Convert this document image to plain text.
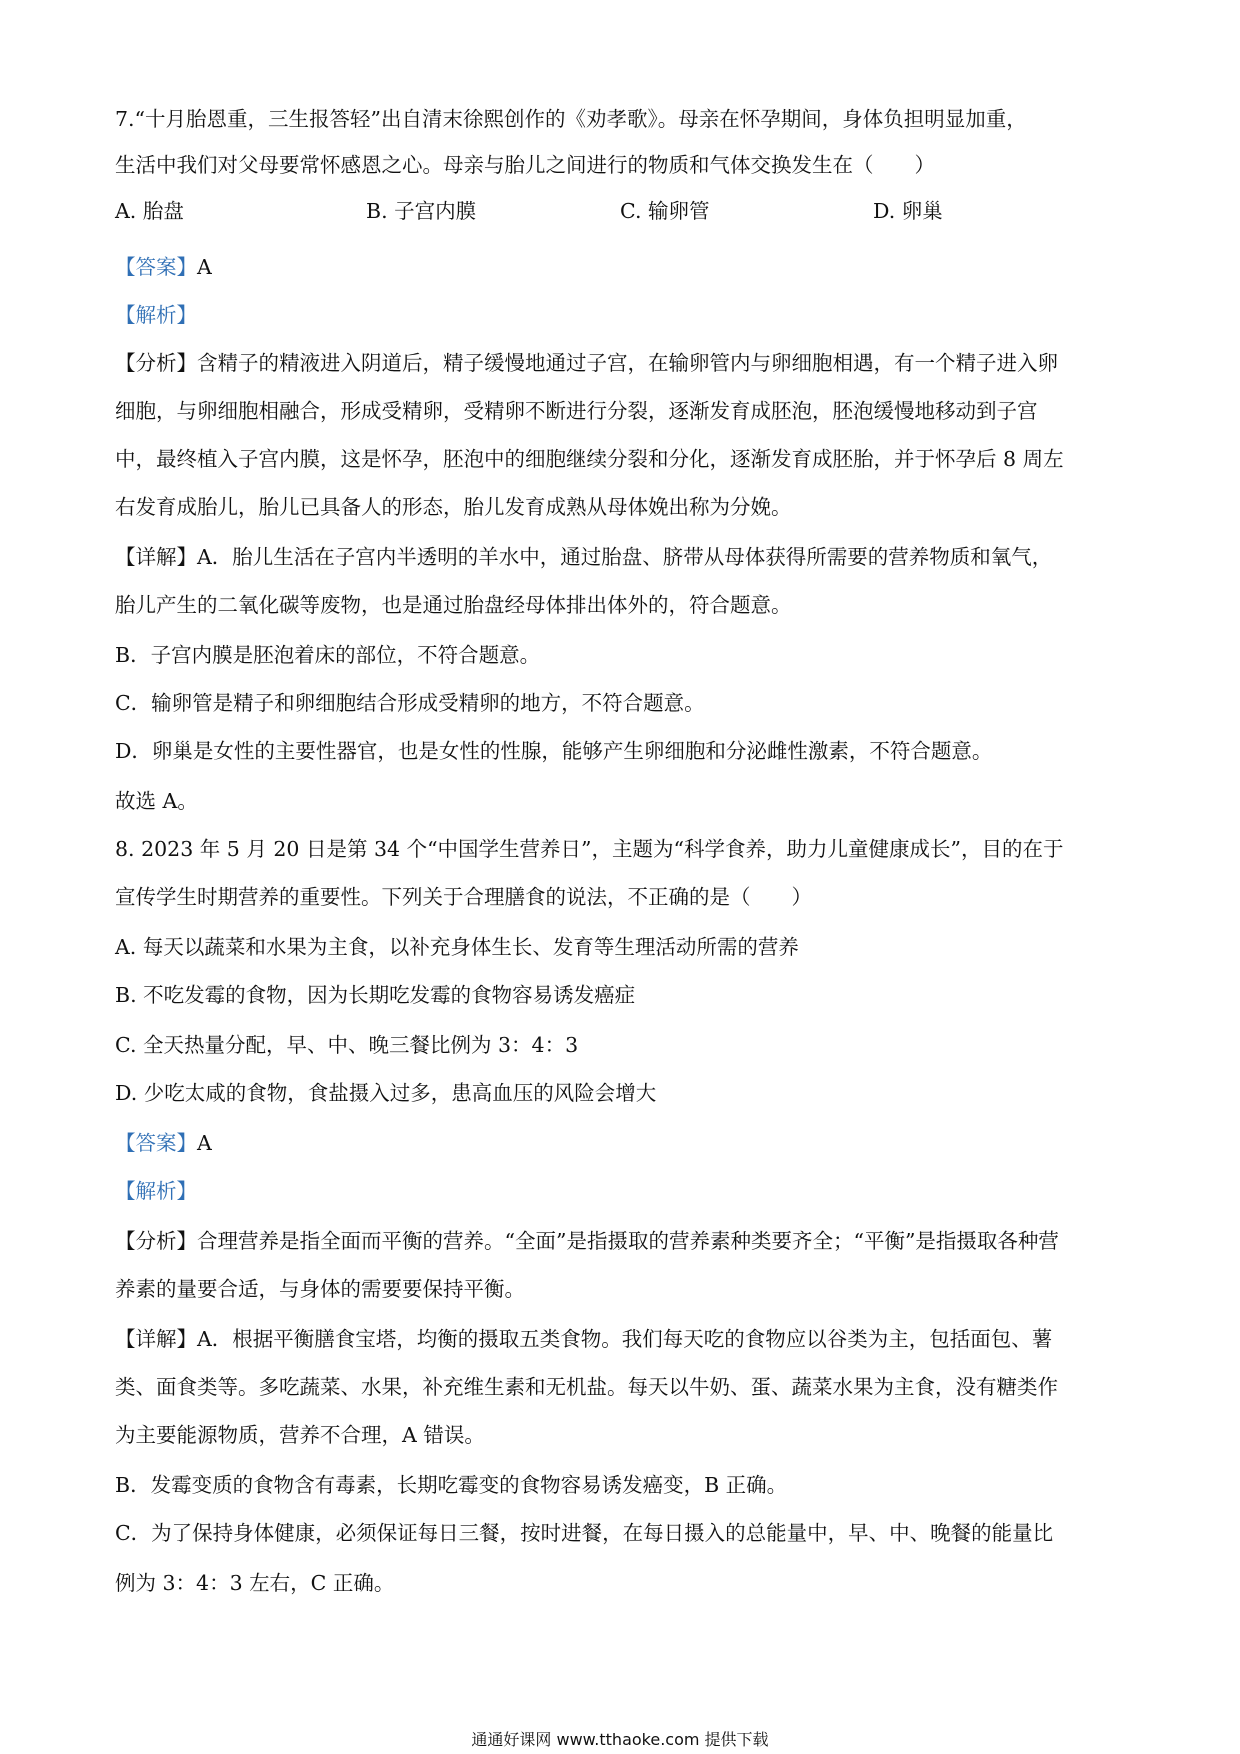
7.“十月胎恩重，三生报答轻”出自清末徐熙创作的《劝孝歌》。母亲在怀孕期间，身体负担明显加重，
生活中我们对父母要常怀感恩之心。母亲与胎儿之间进行的物质和气体交换发生在（　　）
A. 胎盘	B. 子宫内膜	C. 输卵管	D. 卵巢
【答案】A
【解析】
【分析】含精子的精液进入阴道后，精子缓慢地通过子宫，在输卵管内与卵细胞相遇，有一个精子进入卵
细胞，与卵细胞相融合，形成受精卵，受精卵不断进行分裂，逐渐发育成胚泡，胚泡缓慢地移动到子宫
中，最终植入子宫内膜，这是怀孕，胚泡中的细胞继续分裂和分化，逐渐发育成胚胎，并于怀孕后 8 周左
右发育成胎儿，胎儿已具备人的形态，胎儿发育成熟从母体娩出称为分娩。
【详解】A．胎儿生活在子宫内半透明的羊水中，通过胎盘、脐带从母体获得所需要的营养物质和氧气，
胎儿产生的二氧化碳等废物，也是通过胎盘经母体排出体外的，符合题意。
B．子宫内膜是胚泡着床的部位，不符合题意。
C．输卵管是精子和卵细胞结合形成受精卵的地方，不符合题意。
D．卵巢是女性的主要性器官，也是女性的性腺，能够产生卵细胞和分泌雌性激素，不符合题意。
故选 A。
8. 2023 年 5 月 20 日是第 34 个“中国学生营养日”，主题为“科学食养，助力儿童健康成长”，目的在于
宣传学生时期营养的重要性。下列关于合理膳食的说法，不正确的是（　　）
A. 每天以蔬菜和水果为主食，以补充身体生长、发育等生理活动所需的营养
B. 不吃发霉的食物，因为长期吃发霉的食物容易诱发癌症
C. 全天热量分配，早、中、晚三餐比例为 3：4：3
D. 少吃太咸的食物，食盐摄入过多，患高血压的风险会增大
【答案】A
【解析】
【分析】合理营养是指全面而平衡的营养。“全面”是指摄取的营养素种类要齐全；“平衡”是指摄取各种营
养素的量要合适，与身体的需要要保持平衡。
【详解】A．根据平衡膳食宝塔，均衡的摄取五类食物。我们每天吃的食物应以谷类为主，包括面包、薯
类、面食类等。多吃蔬菜、水果，补充维生素和无机盐。每天以牛奶、蛋、蔬菜水果为主食，没有糖类作
为主要能源物质，营养不合理，A 错误。
B．发霉变质的食物含有毒素，长期吃霉变的食物容易诱发癌变，B 正确。
C．为了保持身体健康，必须保证每日三餐，按时进餐，在每日摄入的总能量中，早、中、晚餐的能量比
例为 3：4：3 左右，C 正确。
通通好课网 www.tthaoke.com 提供下载
